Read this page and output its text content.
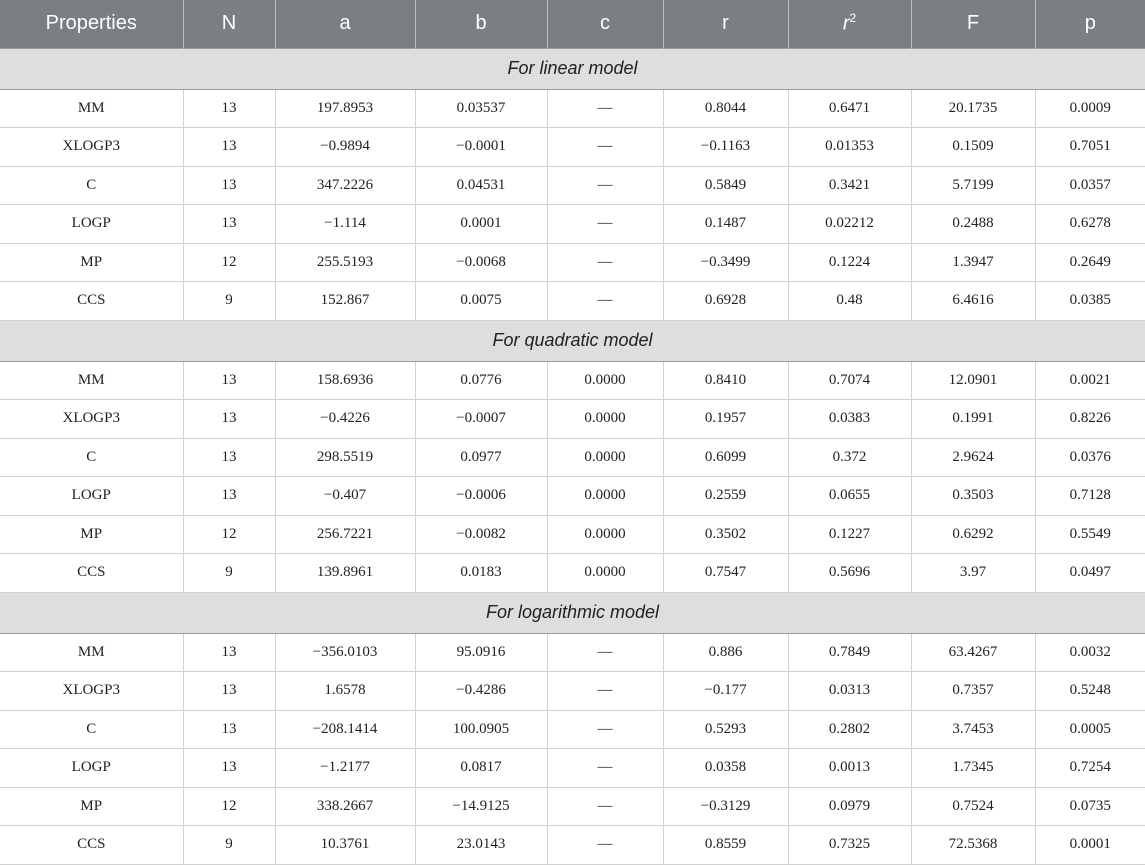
Properties	N	a	b	c	r	$r^2$	F	p
For linear model								
MM	13	197.8953	0.03537	—	0.8044	0.6471	20.1735	0.0009
XLOGP3	13	−0.9894	−0.0001	—	−0.1163	0.01353	0.1509	0.7051
C	13	347.2226	0.04531	—	0.5849	0.3421	5.7199	0.0357
LOGP	13	−1.114	0.0001	—	0.1487	0.02212	0.2488	0.6278
MP	12	255.5193	−0.0068	—	−0.3499	0.1224	1.3947	0.2649
CCS	9	152.867	0.0075	—	0.6928	0.48	6.4616	0.0385
For quadratic model								
MM	13	158.6936	0.0776	0.0000	0.8410	0.7074	12.0901	0.0021
XLOGP3	13	−0.4226	−0.0007	0.0000	0.1957	0.0383	0.1991	0.8226
C	13	298.5519	0.0977	0.0000	0.6099	0.372	2.9624	0.0376
LOGP	13	−0.407	−0.0006	0.0000	0.2559	0.0655	0.3503	0.7128
MP	12	256.7221	−0.0082	0.0000	0.3502	0.1227	0.6292	0.5549
CCS	9	139.8961	0.0183	0.0000	0.7547	0.5696	3.97	0.0497
For logarithmic model								
MM	13	−356.0103	95.0916	—	0.886	0.7849	63.4267	0.0032
XLOGP3	13	1.6578	−0.4286	—	−0.177	0.0313	0.7357	0.5248
C	13	−208.1414	100.0905	—	0.5293	0.2802	3.7453	0.0005
LOGP	13	−1.2177	0.0817	—	0.0358	0.0013	1.7345	0.7254
MP	12	338.2667	−14.9125	—	−0.3129	0.0979	0.7524	0.0735
CCS	9	10.3761	23.0143	—	0.8559	0.7325	72.5368	0.0001
